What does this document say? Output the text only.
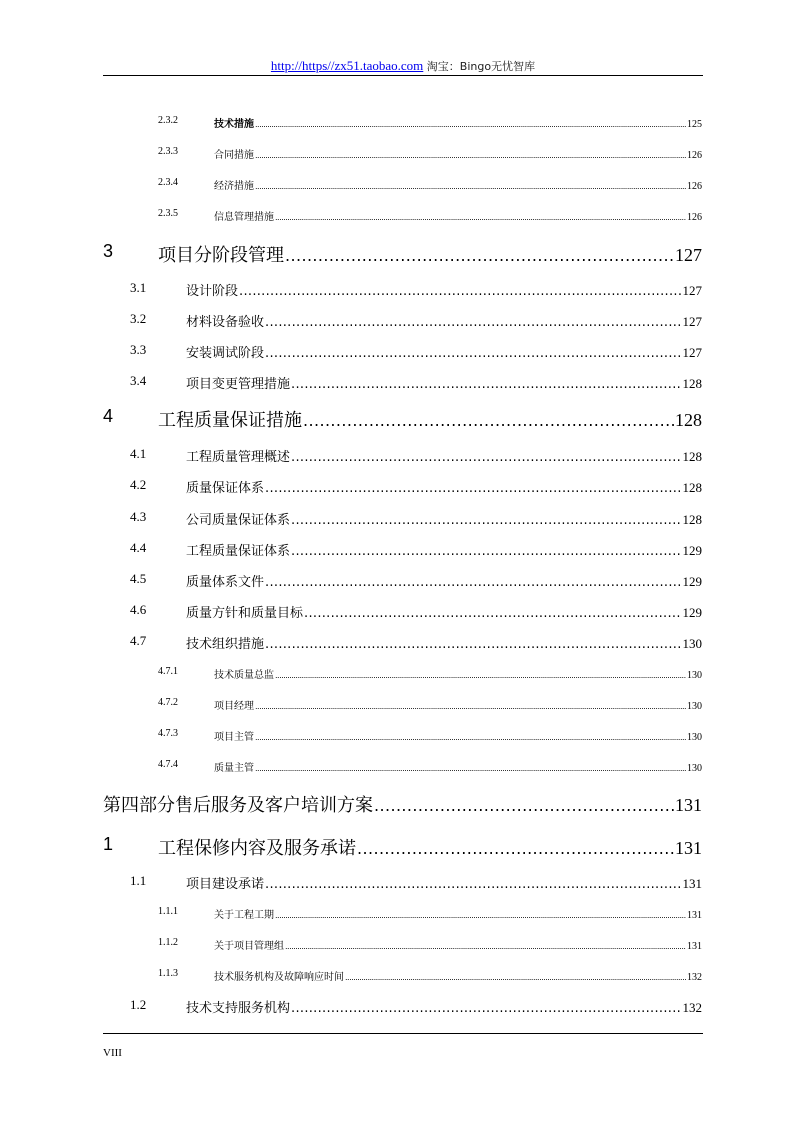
http://https//zx51.taobao.com 淘宝：Bingo无忧智库
2.3.2	技术措施 .....	125
2.3.3	合同措施 .....	126
2.3.4	经济措施 .....	126
2.3.5	信息管理措施 .....	126
3 项目分阶段管理 .....	127
3.1	设计阶段 .....	127
3.2	材料设备验收 .....	127
3.3	安装调试阶段 .....	127
3.4	项目变更管理措施 .....	128
4 工程质量保证措施 .....	128
4.1	工程质量管理概述 .....	128
4.2	质量保证体系 .....	128
4.3	公司质量保证体系 .....	128
4.4	工程质量保证体系 .....	129
4.5	质量体系文件 .....	129
4.6	质量方针和质量目标 .....	129
4.7	技术组织措施 .....	130
4.7.1	技术质量总监 .....	130
4.7.2	项目经理 .....	130
4.7.3	项目主管 .....	130
4.7.4	质量主管 .....	130
第四部分售后服务及客户培训方案 .....	131
1 工程保修内容及服务承诺 .....	131
1.1	项目建设承诺 .....	131
1.1.1	关于工程工期 .....	131
1.1.2	关于项目管理组 .....	131
1.1.3	技术服务机构及故障响应时间 .....	132
1.2	技术支持服务机构 .....	132
VIII
